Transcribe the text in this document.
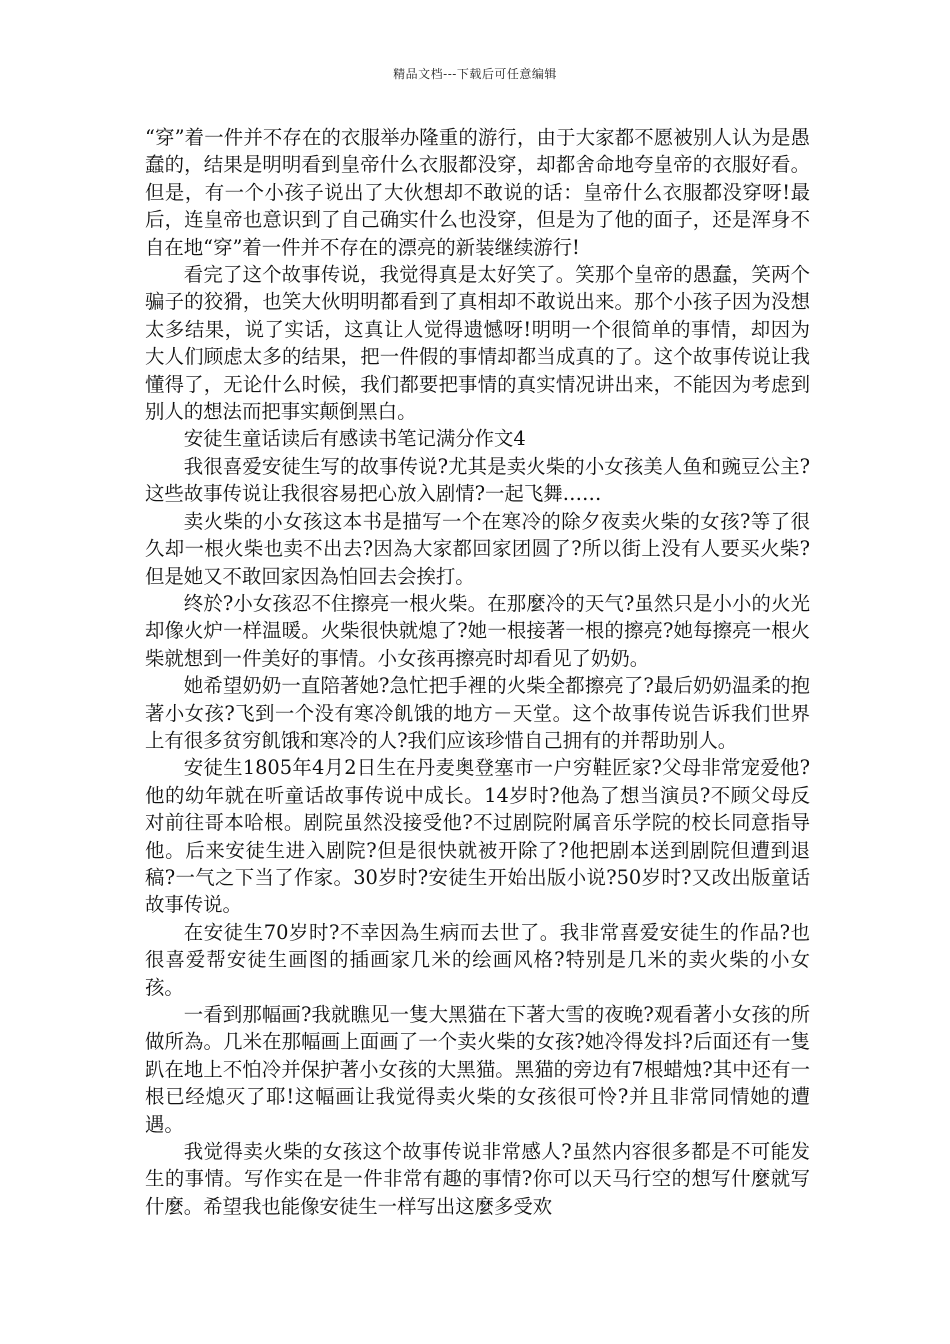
精品文档---下载后可任意编辑

“穿”着一件并不存在的衣服举办隆重的游行，由于大家都不愿被别人认为是愚蠢的，结果是明明看到皇帝什么衣服都没穿，却都舍命地夸皇帝的衣服好看。但是，有一个小孩子说出了大伙想却不敢说的话：皇帝什么衣服都没穿呀!最后，连皇帝也意识到了自己确实什么也没穿，但是为了他的面子，还是浑身不自在地“穿”着一件并不存在的漂亮的新装继续游行!

看完了这个故事传说，我觉得真是太好笑了。笑那个皇帝的愚蠢，笑两个骗子的狡猾，也笑大伙明明都看到了真相却不敢说出来。那个小孩子因为没想太多结果，说了实话，这真让人觉得遗憾呀!明明一个很简单的事情，却因为大人们顾虑太多的结果，把一件假的事情却都当成真的了。这个故事传说让我懂得了，无论什么时候，我们都要把事情的真实情况讲出来，不能因为考虑到别人的想法而把事实颠倒黑白。

安徒生童话读后有感读书笔记满分作文4

我很喜爱安徒生写的故事传说?尤其是卖火柴的小女孩美人鱼和豌豆公主?这些故事传说让我很容易把心放入剧情?一起飞舞……

卖火柴的小女孩这本书是描写一个在寒冷的除夕夜卖火柴的女孩?等了很久却一根火柴也卖不出去?因為大家都回家团圆了?所以街上没有人要买火柴?但是她又不敢回家因為怕回去会挨打。

终於?小女孩忍不住擦亮一根火柴。在那麼冷的天气?虽然只是小小的火光却像火炉一样温暖。火柴很快就熄了?她一根接著一根的擦亮?她每擦亮一根火柴就想到一件美好的事情。小女孩再擦亮时却看见了奶奶。

她希望奶奶一直陪著她?急忙把手裡的火柴全都擦亮了?最后奶奶温柔的抱著小女孩?飞到一个没有寒冷飢饿的地方－天堂。这个故事传说告诉我们世界上有很多贫穷飢饿和寒冷的人?我们应该珍惜自己拥有的并帮助别人。

安徒生1805年4月2日生在丹麦奥登塞市一户穷鞋匠家?父母非常宠爱他?他的幼年就在听童话故事传说中成长。14岁时?他為了想当演员?不顾父母反对前往哥本哈根。剧院虽然没接受他?不过剧院附属音乐学院的校长同意指导他。后来安徒生进入剧院?但是很快就被开除了?他把剧本送到剧院但遭到退稿?一气之下当了作家。30岁时?安徒生开始出版小说?50岁时?又改出版童话故事传说。

在安徒生70岁时?不幸因為生病而去世了。我非常喜爱安徒生的作品?也很喜爱帮安徒生画图的插画家几米的绘画风格?特别是几米的卖火柴的小女孩。

一看到那幅画?我就瞧见一隻大黑猫在下著大雪的夜晚?观看著小女孩的所做所為。几米在那幅画上面画了一个卖火柴的女孩?她冷得发抖?后面还有一隻趴在地上不怕冷并保护著小女孩的大黑猫。黑猫的旁边有7根蜡烛?其中还有一根已经熄灭了耶!这幅画让我觉得卖火柴的女孩很可怜?并且非常同情她的遭遇。

我觉得卖火柴的女孩这个故事传说非常感人?虽然内容很多都是不可能发生的事情。写作实在是一件非常有趣的事情?你可以天马行空的想写什麼就写什麼。希望我也能像安徒生一样写出这麼多受欢
